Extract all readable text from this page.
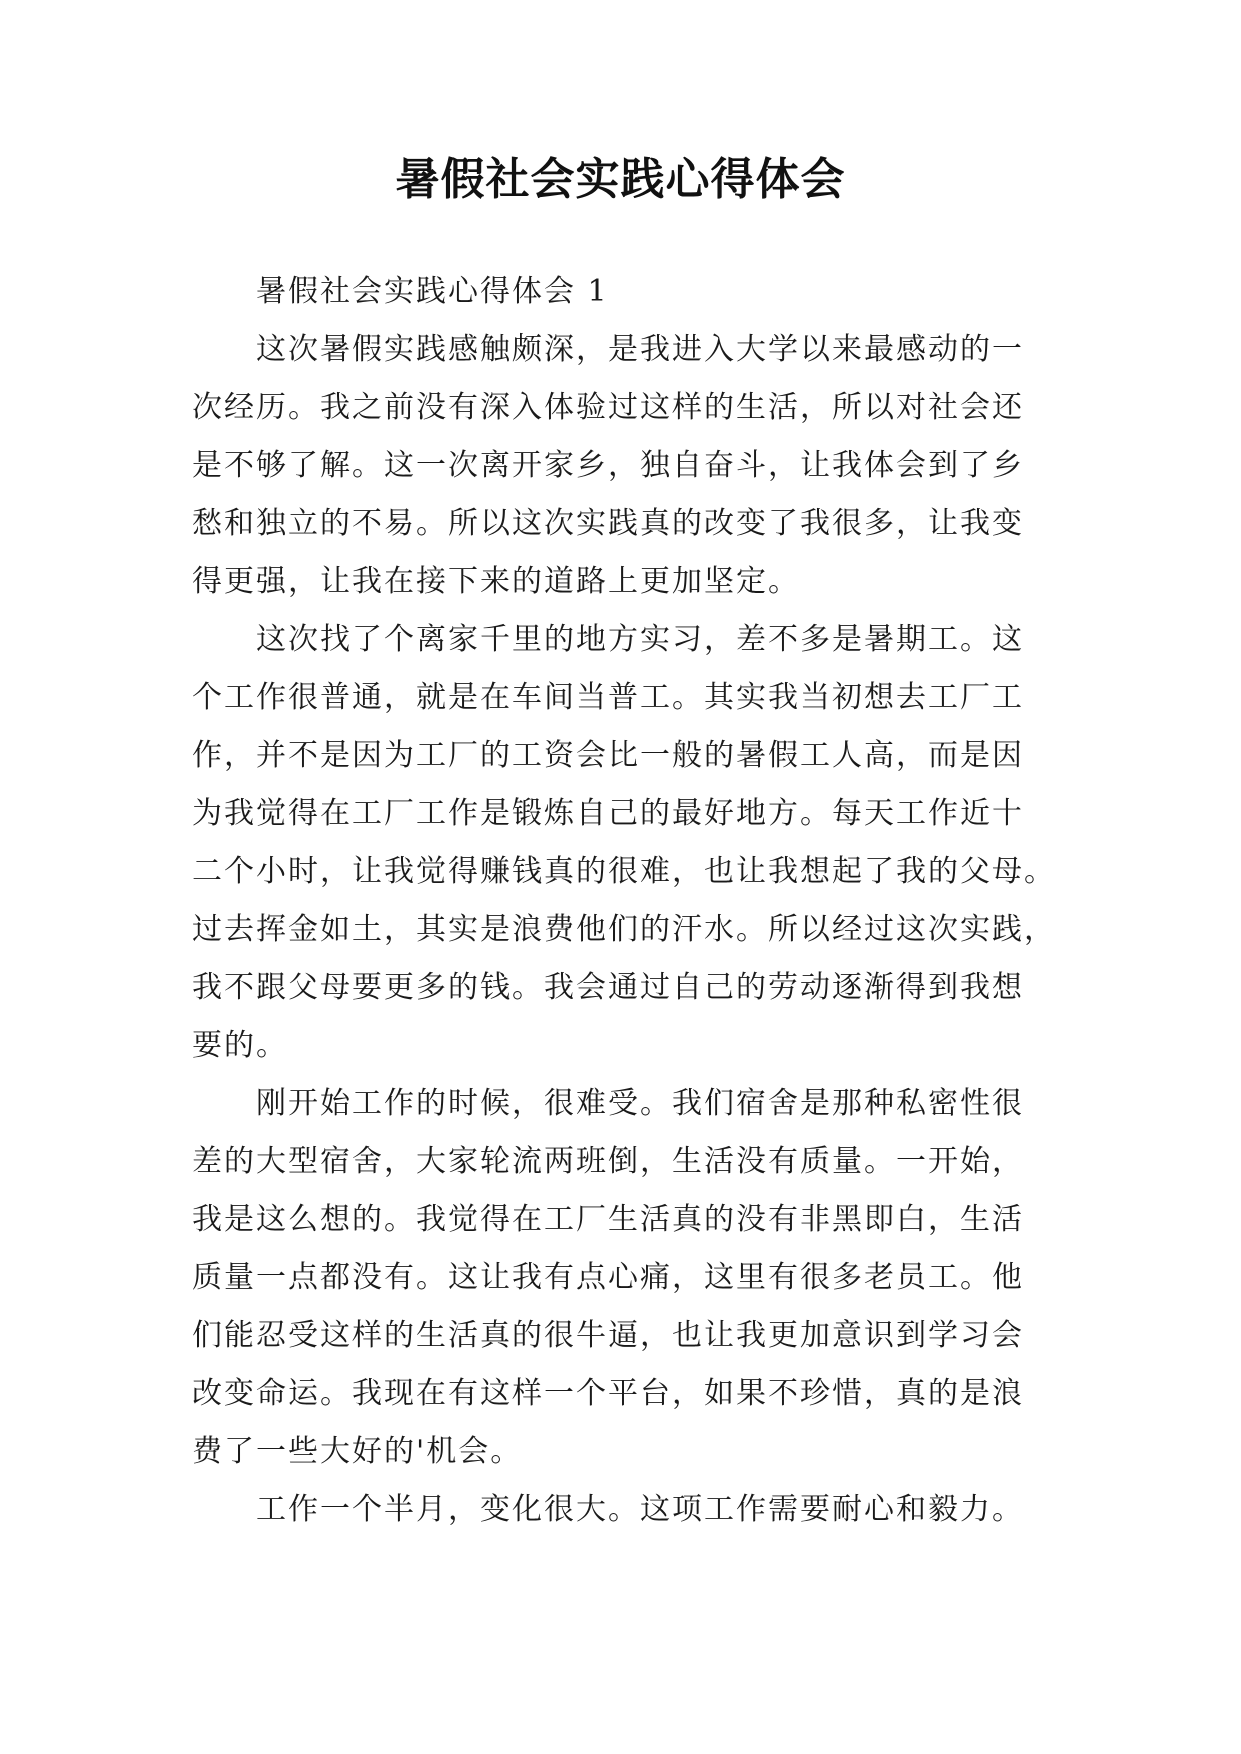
暑假社会实践心得体会
暑假社会实践心得体会 1
这次暑假实践感触颇深，是我进入大学以来最感动的一
次经历。我之前没有深入体验过这样的生活，所以对社会还
是不够了解。这一次离开家乡，独自奋斗，让我体会到了乡
愁和独立的不易。所以这次实践真的改变了我很多，让我变
得更强，让我在接下来的道路上更加坚定。
这次找了个离家千里的地方实习，差不多是暑期工。这
个工作很普通，就是在车间当普工。其实我当初想去工厂工
作，并不是因为工厂的工资会比一般的暑假工人高，而是因
为我觉得在工厂工作是锻炼自己的最好地方。每天工作近十
二个小时，让我觉得赚钱真的很难，也让我想起了我的父母。
过去挥金如土，其实是浪费他们的汗水。所以经过这次实践，
我不跟父母要更多的钱。我会通过自己的劳动逐渐得到我想
要的。
刚开始工作的时候，很难受。我们宿舍是那种私密性很
差的大型宿舍，大家轮流两班倒，生活没有质量。一开始，
我是这么想的。我觉得在工厂生活真的没有非黑即白，生活
质量一点都没有。这让我有点心痛，这里有很多老员工。他
们能忍受这样的生活真的很牛逼，也让我更加意识到学习会
改变命运。我现在有这样一个平台，如果不珍惜，真的是浪
费了一些大好的'机会。
工作一个半月，变化很大。这项工作需要耐心和毅力。
